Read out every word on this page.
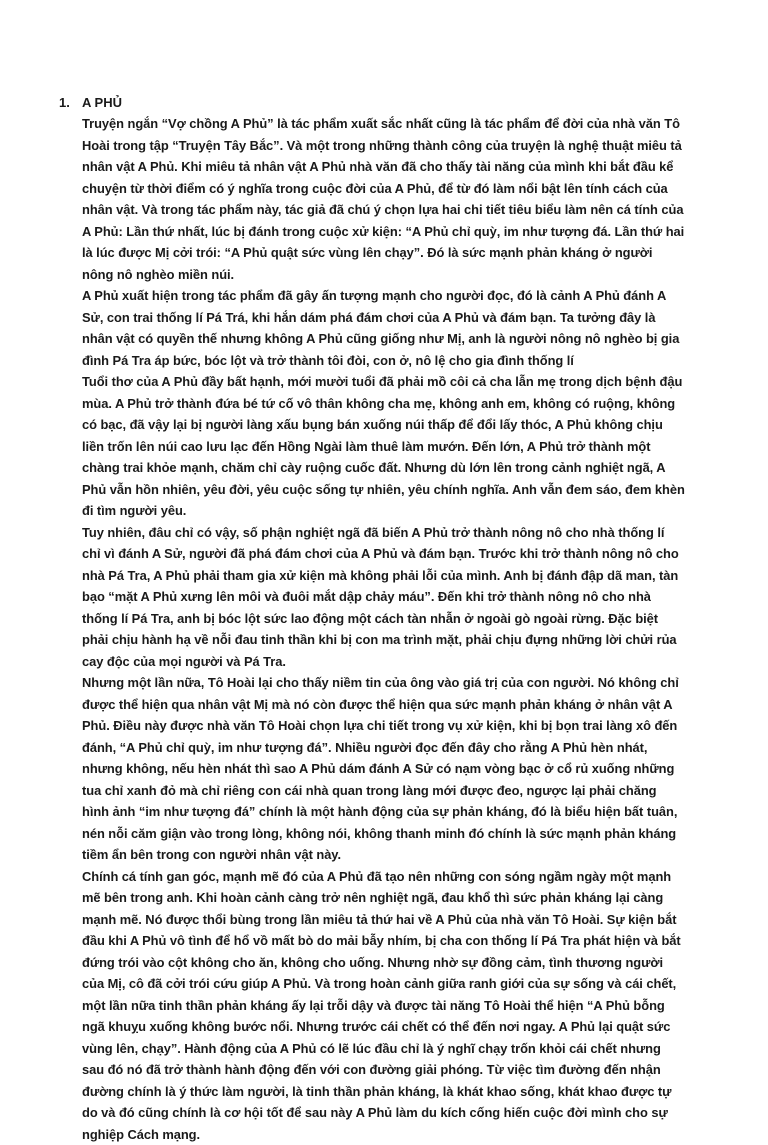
1. A PHỦ

Truyện ngắn “Vợ chồng A Phủ” là tác phẩm xuất sắc nhất cũng là tác phẩm để đời của nhà văn Tô Hoài trong tập “Truyện Tây Bắc”. Và một trong những thành công của truyện là nghệ thuật miêu tả nhân vật A Phủ. Khi miêu tả nhân vật A Phủ nhà văn đã cho thấy tài năng của mình khi bắt đầu kể chuyện từ thời điểm có ý nghĩa trong cuộc đời của A Phủ, để từ đó làm nổi bật lên tính cách của nhân vật. Và trong tác phẩm này, tác giả đã chú ý chọn lựa hai chi tiết tiêu biểu làm nên cá tính của A Phủ: Lần thứ nhất, lúc bị đánh trong cuộc xử kiện: “A Phủ chỉ quỳ, im như tượng đá. Lần thứ hai là lúc được Mị cởi trói: “A Phủ quật sức vùng lên chạy”. Đó là sức mạnh phản kháng ở người nông nô nghèo miền núi.

A Phủ xuất hiện trong tác phẩm đã gây ấn tượng mạnh cho người đọc, đó là cảnh A Phủ đánh A Sử, con trai thống lí Pá Trá, khi hắn dám phá đám chơi của A Phủ và đám bạn. Ta tưởng đây là nhân vật có quyền thế nhưng không A Phủ cũng giống như Mị, anh là người nông nô nghèo bị gia đình Pá Tra áp bức, bóc lột và trở thành tôi đòi, con ở, nô lệ cho gia đình thống lí

Tuổi thơ của A Phủ đầy bất hạnh, mới mười tuổi đã phải mồ côi cả cha lẫn mẹ trong dịch bệnh đậu mùa. A Phủ trở thành đứa bé tứ cố vô thân không cha mẹ, không anh em, không có ruộng, không có bạc, đã vậy lại bị người làng xấu bụng bán xuống núi thấp để đổi lấy thóc, A Phủ không chịu liền trốn lên núi cao lưu lạc đến Hồng Ngài làm thuê làm mướn. Đến lớn, A Phủ trở thành một chàng trai khỏe mạnh, chăm chỉ cày ruộng cuốc đất. Nhưng dù lớn lên trong cảnh nghiệt ngã, A Phủ vẫn hồn nhiên, yêu đời, yêu cuộc sống tự nhiên, yêu chính nghĩa. Anh vẫn đem sáo, đem khèn đi tìm người yêu.

Tuy nhiên, đâu chỉ có vậy, số phận nghiệt ngã đã biến A Phủ trở thành nông nô cho nhà thống lí chỉ vì đánh A Sử, người đã phá đám chơi của A Phủ và đám bạn. Trước khi trở thành nông nô cho nhà Pá Tra, A Phủ phải tham gia xử kiện mà không phải lỗi của mình. Anh bị đánh đập dã man, tàn bạo “mặt A Phủ xưng lên môi và đuôi mắt dập chảy máu”. Đến khi trở thành nông nô cho nhà thống lí Pá Tra, anh bị bóc lột sức lao động một cách tàn nhẫn ở ngoài gò ngoài rừng. Đặc biệt phải chịu hành hạ về nỗi đau tinh thần khi bị con ma trình mặt, phải chịu đựng những lời chửi rủa cay độc của mọi người và Pá Tra.

Nhưng một lần nữa, Tô Hoài lại cho thấy niềm tin của ông vào giá trị của con người. Nó không chỉ được thể hiện qua nhân vật Mị mà nó còn được thể hiện qua sức mạnh phản kháng ở nhân vật A Phủ. Điều này được nhà văn Tô Hoài chọn lựa chi tiết trong vụ xử kiện, khi bị bọn trai làng xô đến đánh, “A Phủ chỉ quỳ, im như tượng đá”. Nhiều người đọc đến đây cho rằng A Phủ hèn nhát, nhưng không, nếu hèn nhát thì sao A Phủ dám đánh A Sử có nạm vòng bạc ở cổ rủ xuống những tua chỉ xanh đỏ mà chỉ riêng con cái nhà quan trong làng mới được đeo, ngược lại phải chăng hình ảnh “im như tượng đá” chính là một hành động của sự phản kháng, đó là biểu hiện bất tuân, nén nỗi căm giận vào trong lòng, không nói, không thanh minh đó chính là sức mạnh phản kháng tiềm ẩn bên trong con người nhân vật này.

Chính cá tính gan góc, mạnh mẽ đó của A Phủ đã tạo nên những con sóng ngầm ngày một mạnh mẽ bên trong anh. Khi hoàn cảnh càng trở nên nghiệt ngã, đau khổ thì sức phản kháng lại càng mạnh mẽ. Nó được thổi bùng trong lần miêu tả thứ hai về A Phủ của nhà văn Tô Hoài. Sự kiện bắt đầu khi A Phủ vô tình để hổ vồ mất bò do mải bẫy nhím, bị cha con thống lí Pá Tra phát hiện và bắt đứng trói vào cột không cho ăn, không cho uống. Nhưng nhờ sự đồng cảm, tình thương người của Mị, cô đã cởi trói cứu giúp A Phủ. Và trong hoàn cảnh giữa ranh giới của sự sống và cái chết, một lần nữa tinh thần phản kháng ấy lại trỗi dậy và được tài năng Tô Hoài thể hiện “A Phủ bỗng ngã khuỵu xuống không bước nổi. Nhưng trước cái chết có thể đến nơi ngay. A Phủ lại quật sức vùng lên, chạy”. Hành động của A Phủ có lẽ lúc đầu chỉ là ý nghĩ chạy trốn khỏi cái chết nhưng sau đó nó đã trở thành hành động đến với con đường giải phóng. Từ việc tìm đường đến nhận đường chính là ý thức làm người, là tinh thần phản kháng, là khát khao sống, khát khao được tự do và đó cũng chính là cơ hội tốt để sau này A Phủ làm du kích cống hiến cuộc đời mình cho sự nghiệp Cách mạng.
